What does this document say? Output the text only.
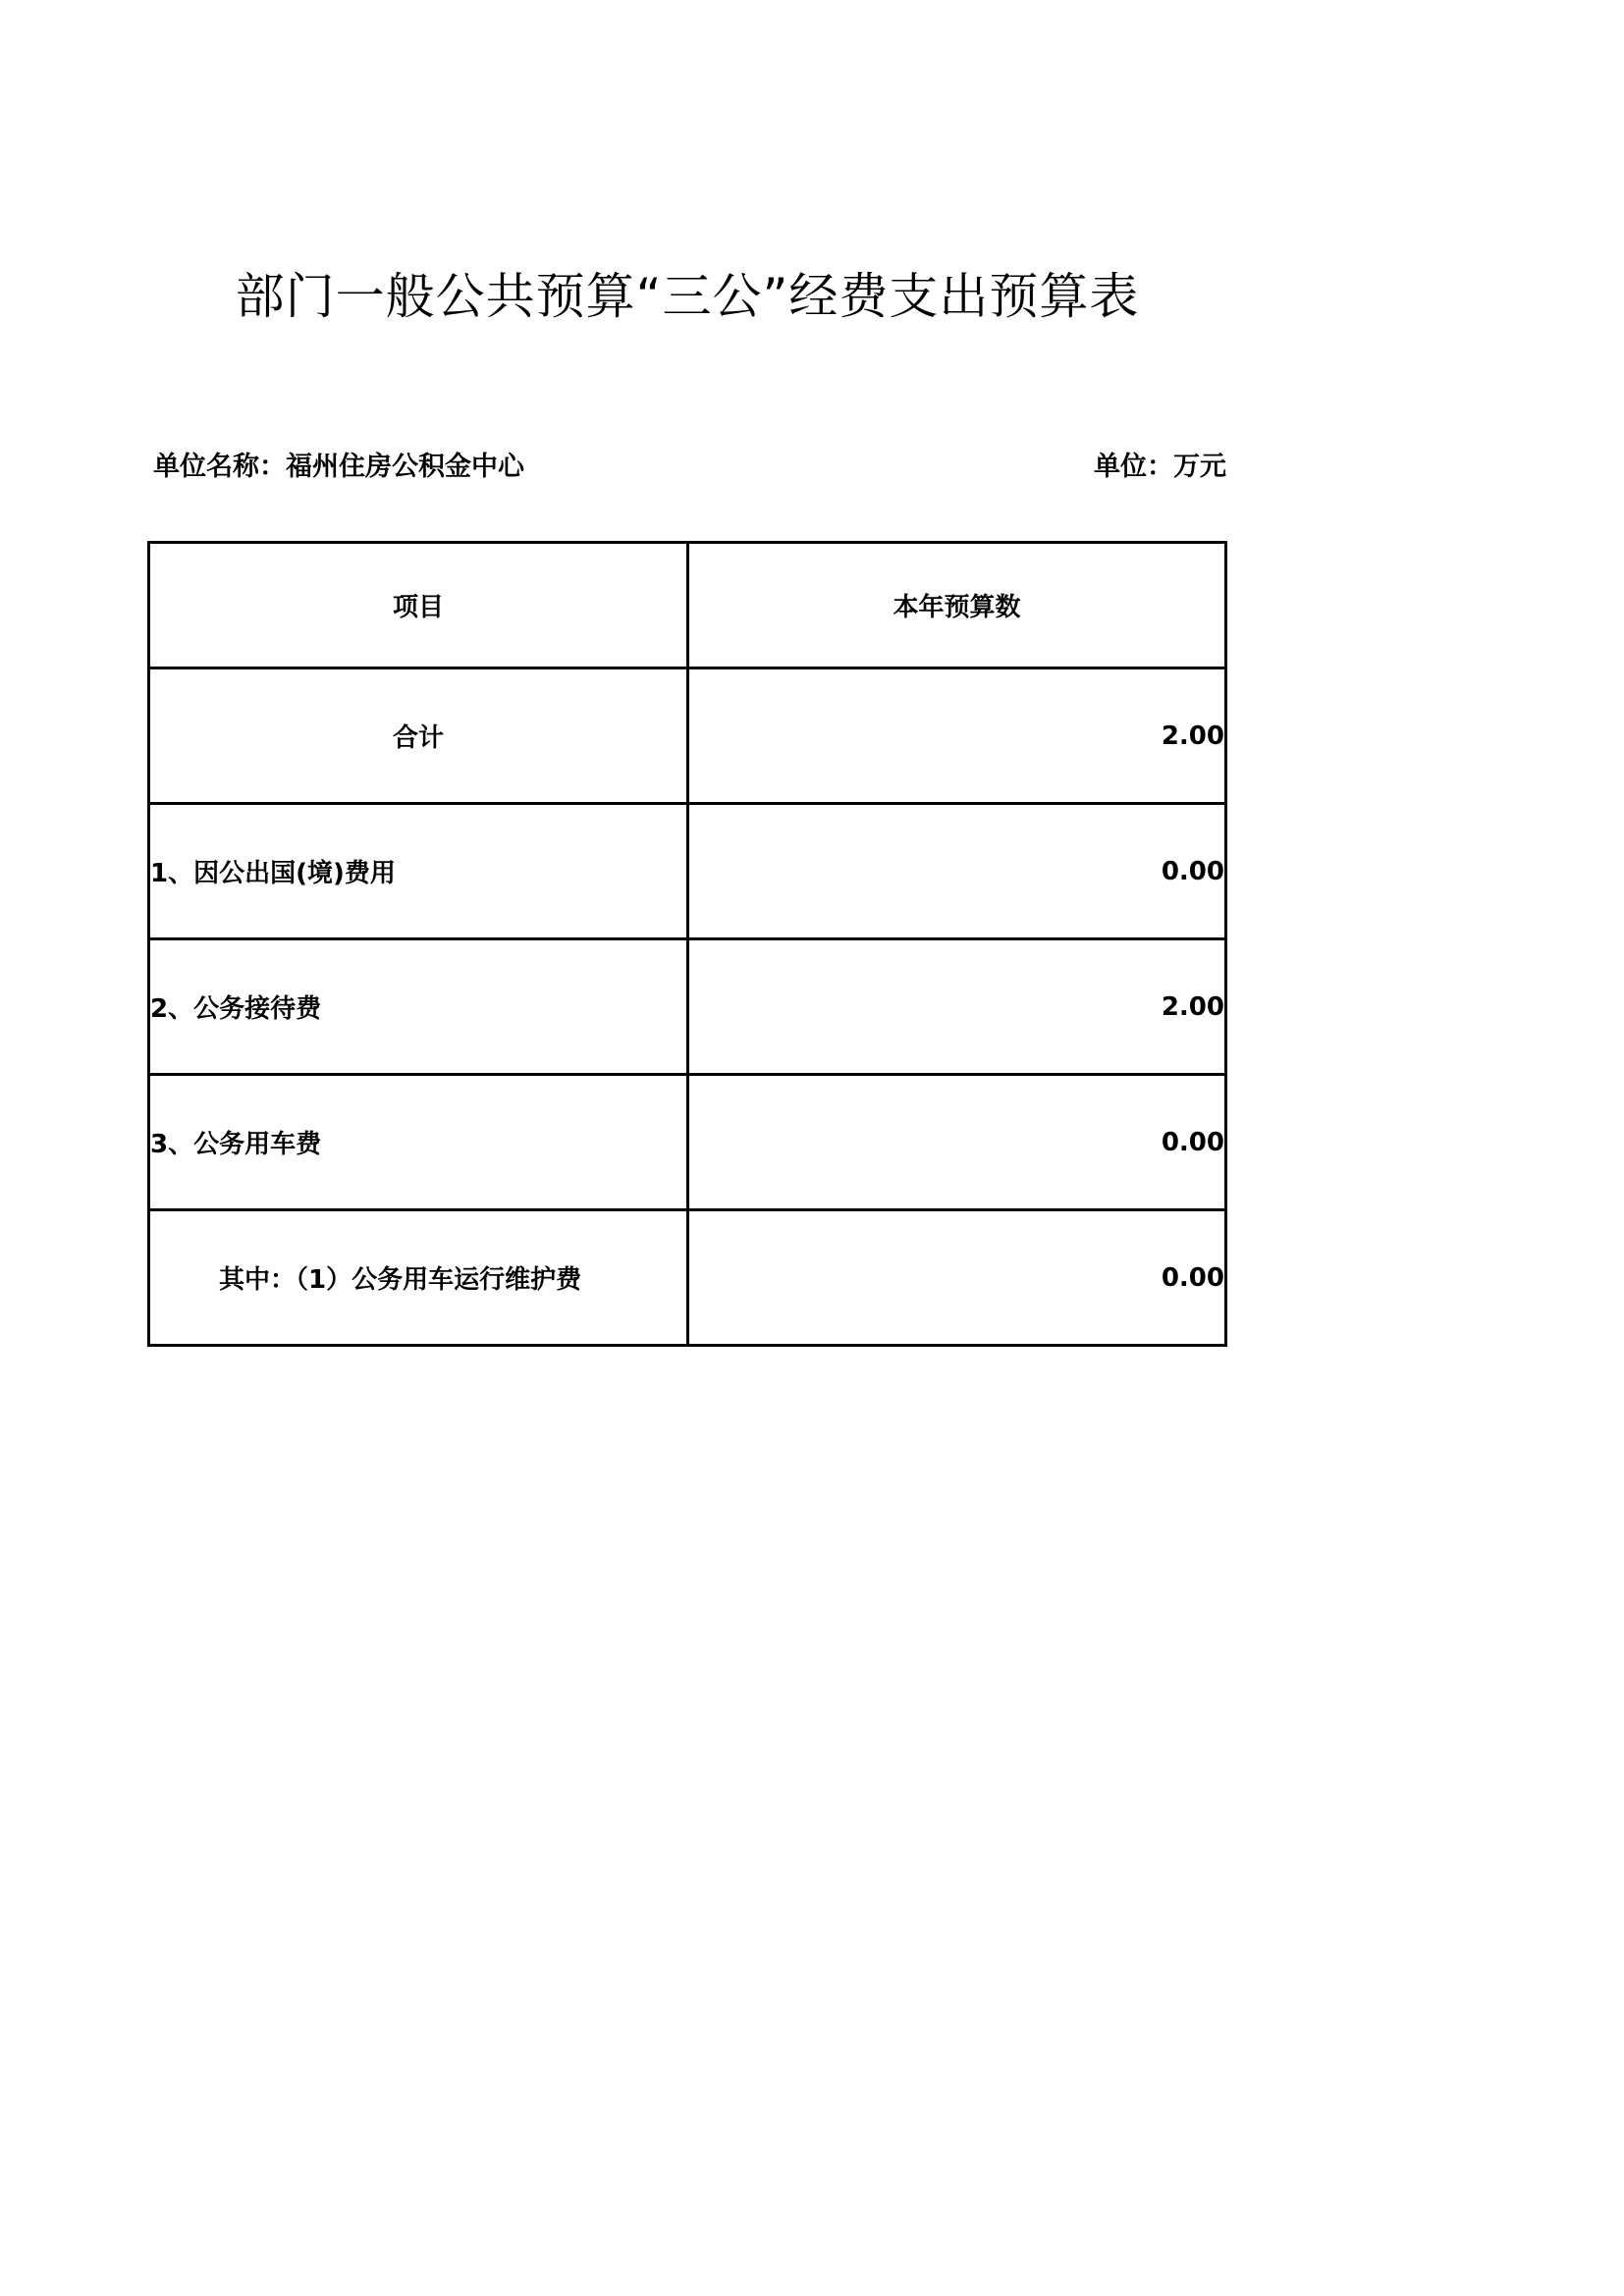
部门一般公共预算“三公”经费支出预算表
单位名称：福州住房公积金中心	单位：万元
项目	本年预算数
合计	2.00
1、因公出国(境)费用	0.00
2、公务接待费	2.00
3、公务用车费	0.00
其中：（1）公务用车运行维护费	0.00
